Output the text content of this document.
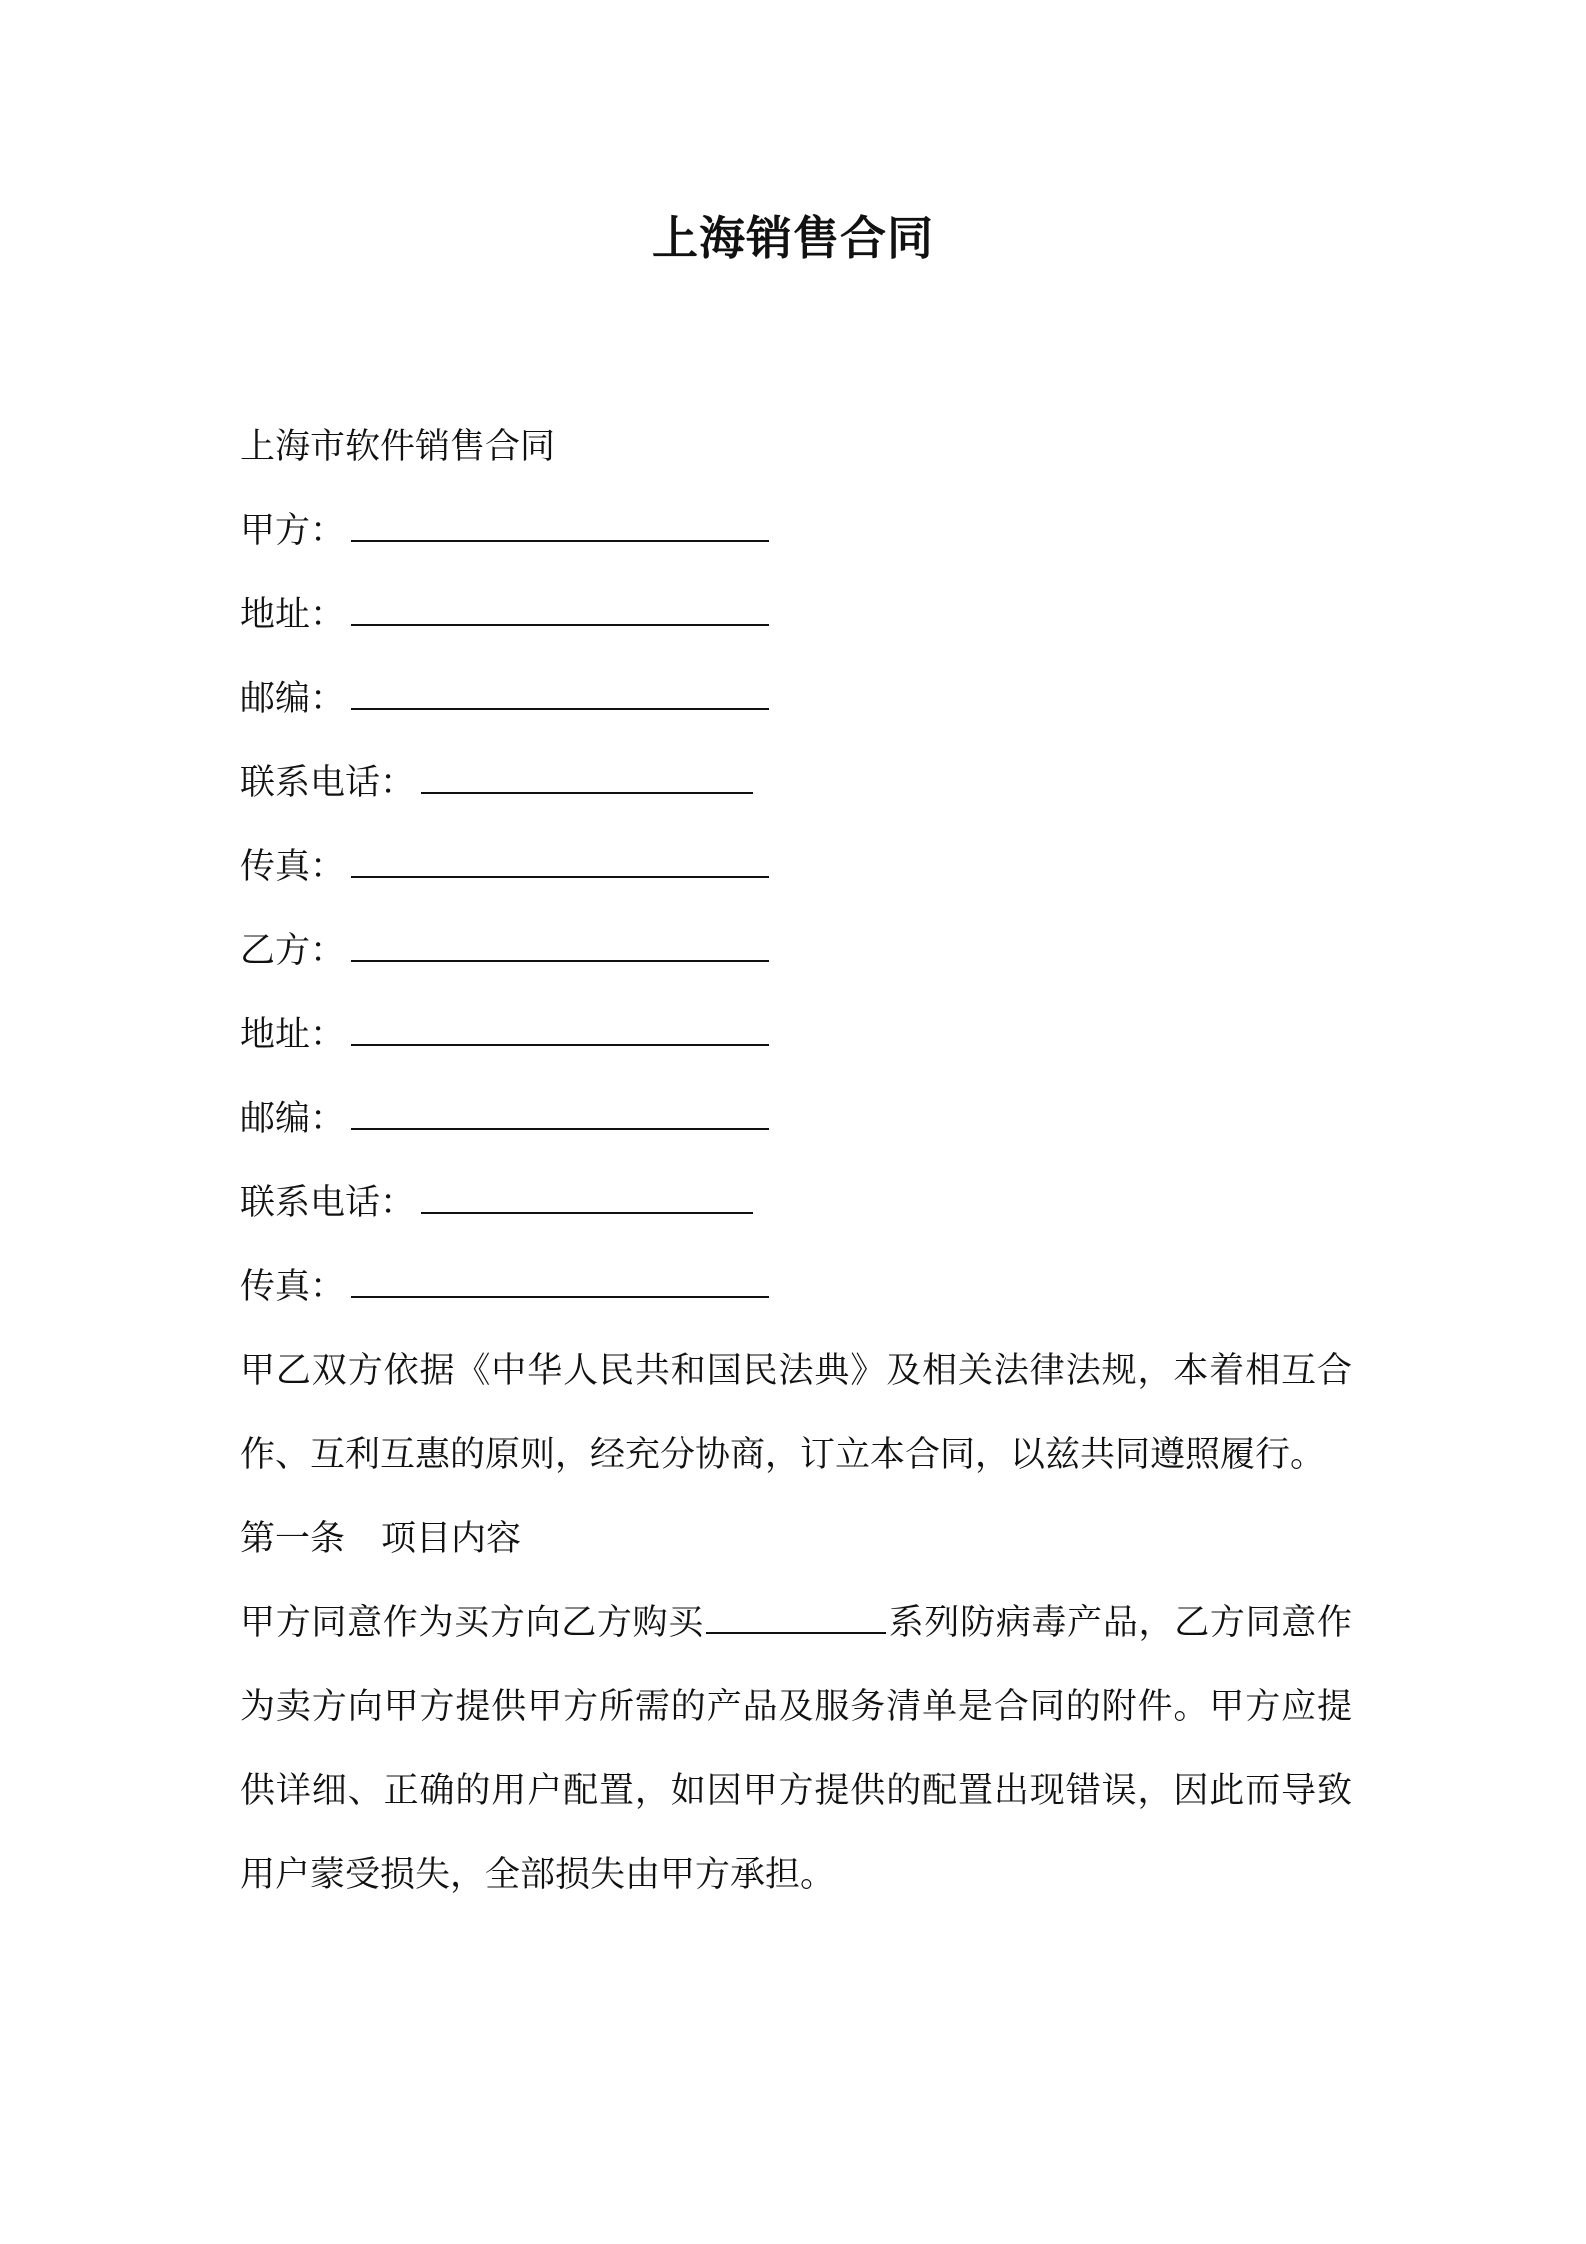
上海销售合同

上海市软件销售合同

甲方：

地址：

邮编：

联系电话：

传真：

乙方：

地址：

邮编：

联系电话：

传真：

甲乙双方依据《中华人民共和国民法典》及相关法律法规，本着相互合作、互利互惠的原则，经充分协商，订立本合同，以兹共同遵照履行。

第一条 项目内容

甲方同意作为买方向乙方购买	系列防病毒产品，乙方同意作为卖方向甲方提供甲方所需的产品及服务清单是合同的附件。甲方应提供详细、正确的用户配置，如因甲方提供的配置出现错误，因此而导致用户蒙受损失，全部损失由甲方承担。
